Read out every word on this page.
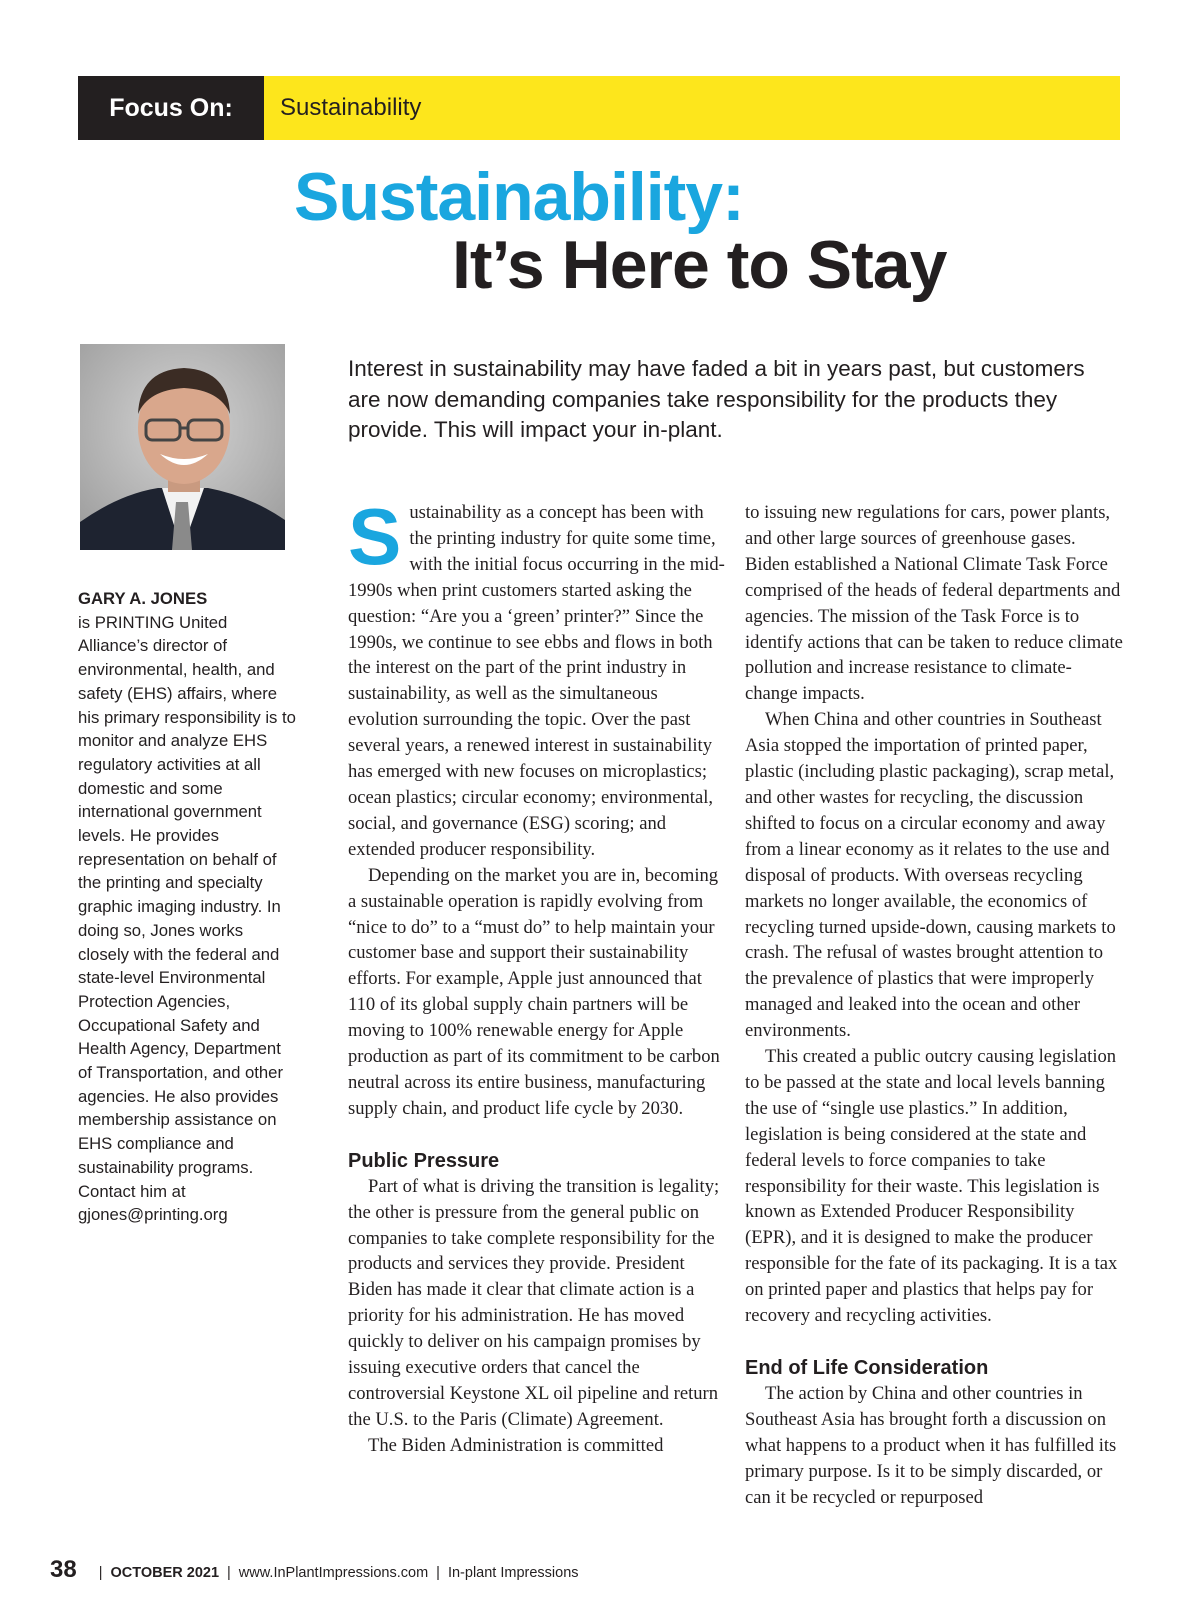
Focus On:	Sustainability
Sustainability:
It’s Here to Stay
GARY A. JONES
is PRINTING United Alliance’s director of environmental, health, and safety (EHS) affairs, where his primary responsibility is to monitor and analyze EHS regulatory activities at all domestic and some international government levels. He provides representation on behalf of the printing and specialty graphic imaging industry. In doing so, Jones works closely with the federal and state-level Environmental Protection Agencies, Occupational Safety and Health Agency, Department of Transportation, and other agencies. He also provides membership assistance on EHS compliance and sustainability programs. Contact him at gjones@printing.org
Interest in sustainability may have faded a bit in years past, but customers are now demanding companies take responsibility for the products they provide. This will impact your in-plant.

Sustainability as a concept has been with the printing industry for quite some time, with the initial focus occurring in the mid-1990s when print customers started asking the question: “Are you a ‘green’ printer?” Since the 1990s, we continue to see ebbs and flows in both the interest on the part of the print industry in sustainability, as well as the simultaneous evolution surrounding the topic. Over the past several years, a renewed interest in sustainability has emerged with new focuses on microplastics; ocean plastics; circular economy; environmental, social, and governance (ESG) scoring; and extended producer responsibility.

Depending on the market you are in, becoming a sustainable operation is rapidly evolving from “nice to do” to a “must do” to help maintain your customer base and support their sustainability efforts. For example, Apple just announced that 110 of its global supply chain partners will be moving to 100% renewable energy for Apple production as part of its commitment to be carbon neutral across its entire business, manufacturing supply chain, and product life cycle by 2030.

Public Pressure

Part of what is driving the transition is legality; the other is pressure from the general public on companies to take complete responsibility for the products and services they provide. President Biden has made it clear that climate action is a priority for his administration. He has moved quickly to deliver on his campaign promises by issuing executive orders that cancel the controversial Keystone XL oil pipeline and return the U.S. to the Paris (Climate) Agreement.

The Biden Administration is committed

to issuing new regulations for cars, power plants, and other large sources of greenhouse gases. Biden established a National Climate Task Force comprised of the heads of federal departments and agencies. The mission of the Task Force is to identify actions that can be taken to reduce climate pollution and increase resistance to climate-change impacts.

When China and other countries in Southeast Asia stopped the importation of printed paper, plastic (including plastic packaging), scrap metal, and other wastes for recycling, the discussion shifted to focus on a circular economy and away from a linear economy as it relates to the use and disposal of products. With overseas recycling markets no longer available, the economics of recycling turned upside-down, causing markets to crash. The refusal of wastes brought attention to the prevalence of plastics that were improperly managed and leaked into the ocean and other environments.

This created a public outcry causing legislation to be passed at the state and local levels banning the use of “single use plastics.” In addition, legislation is being considered at the state and federal levels to force companies to take responsibility for their waste. This legislation is known as Extended Producer Responsibility (EPR), and it is designed to make the producer responsible for the fate of its packaging. It is a tax on printed paper and plastics that helps pay for recovery and recycling activities.

End of Life Consideration

The action by China and other countries in Southeast Asia has brought forth a discussion on what happens to a product when it has fulfilled its primary purpose. Is it to be simply discarded, or can it be recycled or repurposed

38 | OCTOBER 2021 | www.InPlantImpressions.com | In-plant Impressions
